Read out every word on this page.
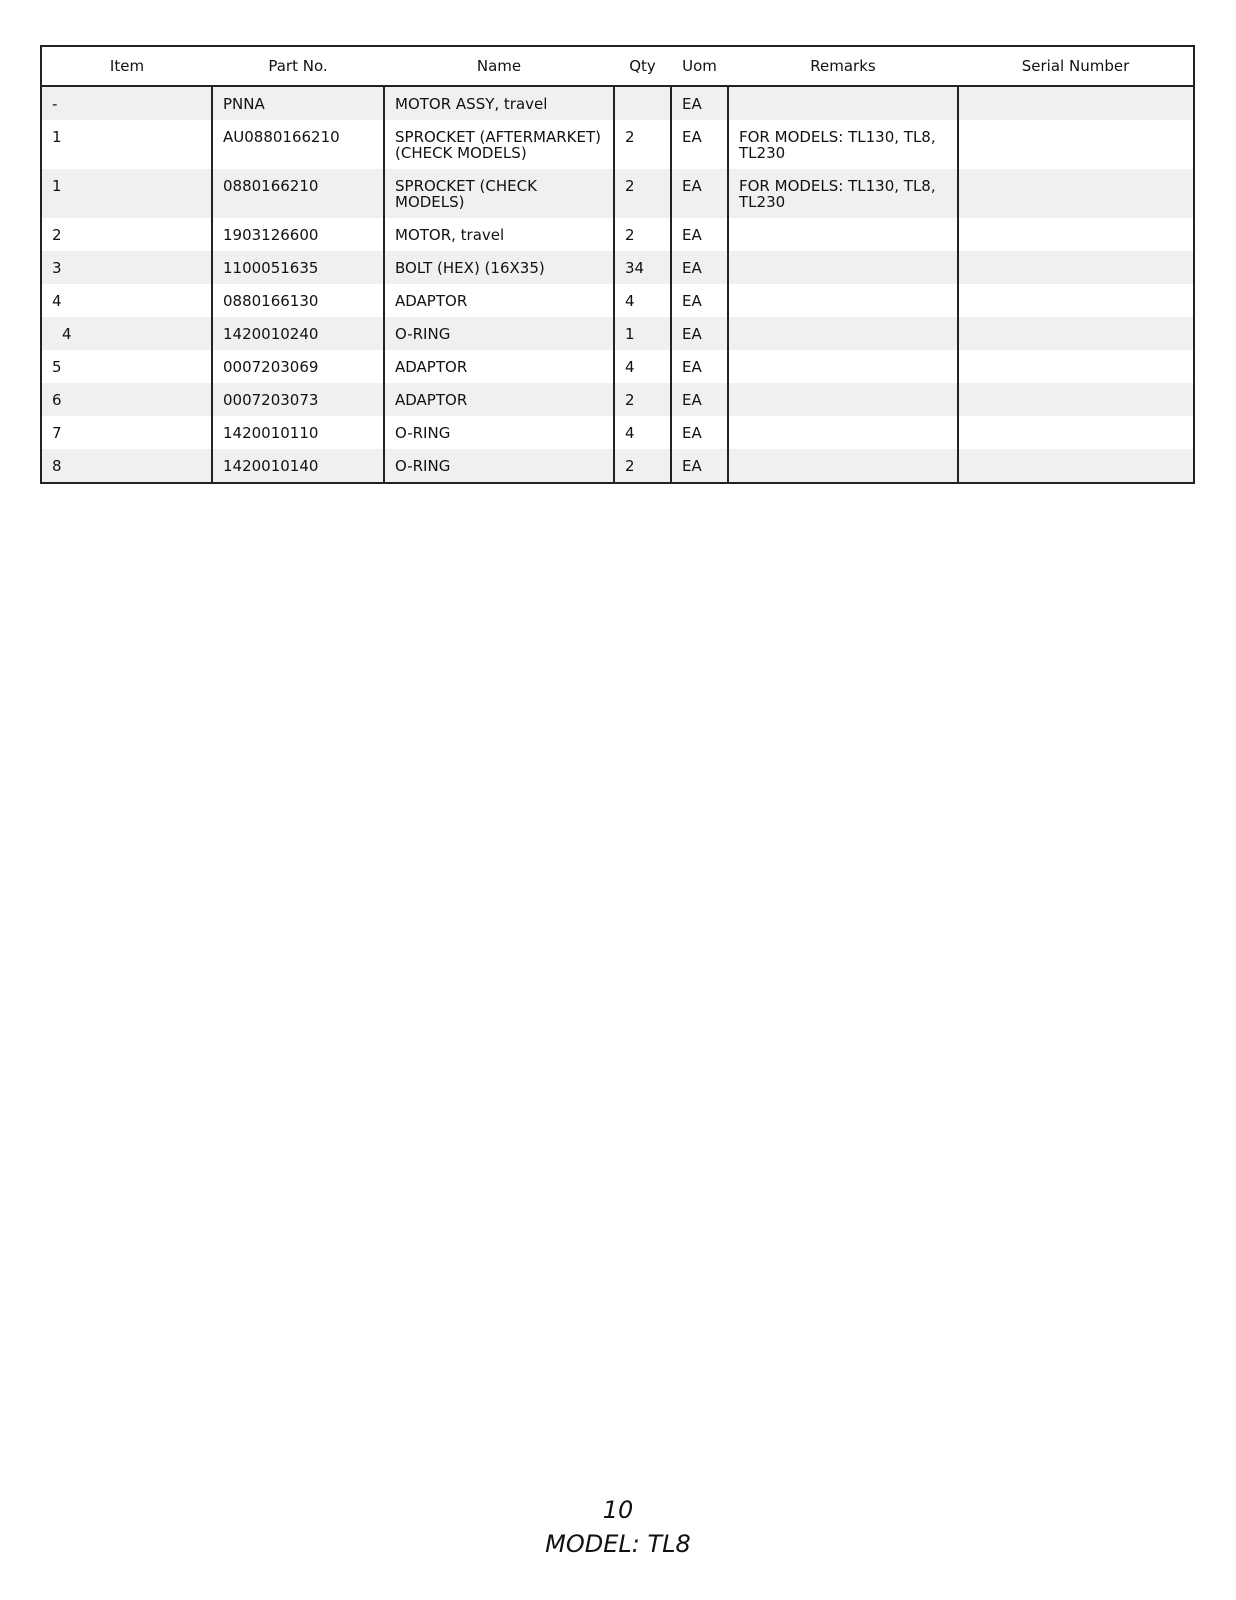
Item	Part No.	Name	Qty	Uom	Remarks	Serial Number
-	PNNA	MOTOR ASSY, travel		EA		
1	AU0880166210	SPROCKET (AFTERMARKET)(CHECK MODELS)	2	EA	FOR MODELS: TL130, TL8, TL230	
1	0880166210	SPROCKET (CHECK MODELS)	2	EA	FOR MODELS: TL130, TL8, TL230	
2	1903126600	MOTOR, travel	2	EA		
3	1100051635	BOLT (HEX) (16X35)	34	EA		
4	0880166130	ADAPTOR	4	EA		
4	1420010240	O-RING	1	EA		
5	0007203069	ADAPTOR	4	EA		
6	0007203073	ADAPTOR	2	EA		
7	1420010110	O-RING	4	EA		
8	1420010140	O-RING	2	EA		
10
MODEL: TL8
